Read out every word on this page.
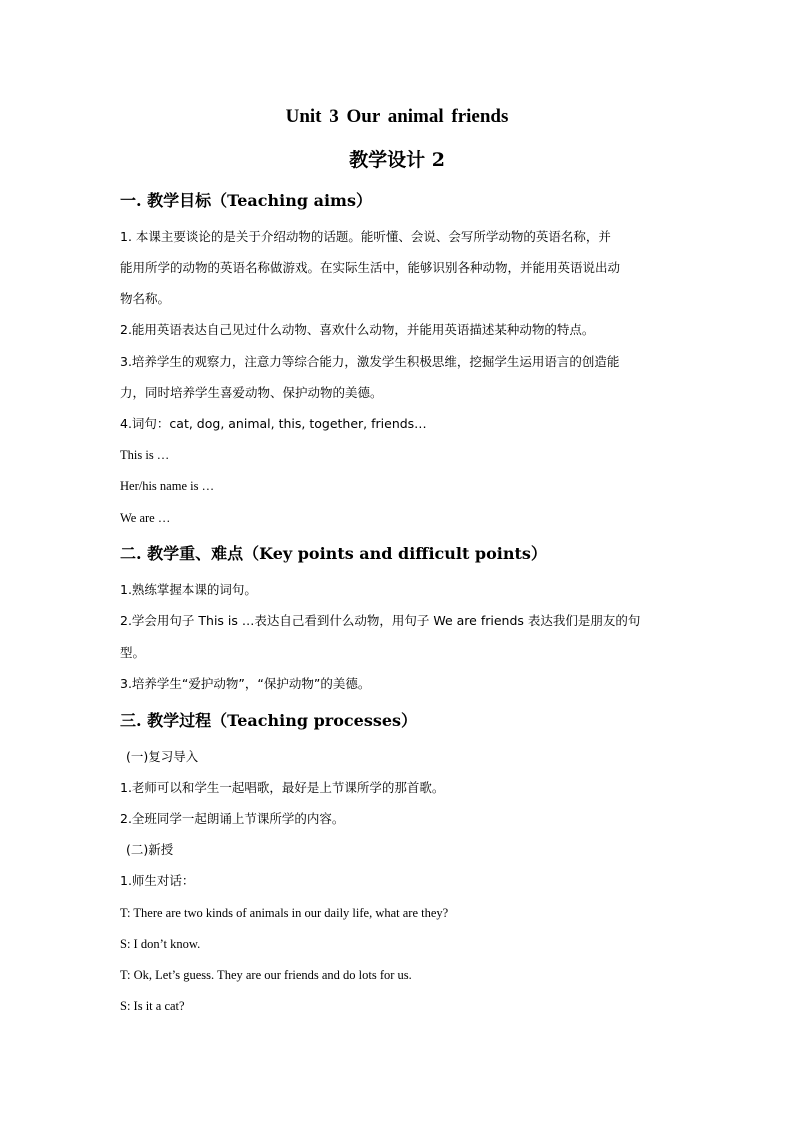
Unit 3 Our animal friends
教学设计 2
一. 教学目标（Teaching aims）
1. 本课主要谈论的是关于介绍动物的话题。能听懂、会说、会写所学动物的英语名称，并
能用所学的动物的英语名称做游戏。在实际生活中，能够识别各种动物，并能用英语说出动
物名称。
2.能用英语表达自己见过什么动物、喜欢什么动物，并能用英语描述某种动物的特点。
3.培养学生的观察力，注意力等综合能力，激发学生积极思维，挖掘学生运用语言的创造能
力，同时培养学生喜爱动物、保护动物的美德。
4.词句：cat, dog, animal, this, together, friends…
This is …
Her/his name is …
We are …
二. 教学重、难点（Key points and difficult points）
1.熟练掌握本课的词句。
2.学会用句子 This is …表达自己看到什么动物，用句子 We are friends 表达我们是朋友的句
型。
3.培养学生“爱护动物”，“保护动物”的美德。
三. 教学过程（Teaching processes）
(一)复习导入
1.老师可以和学生一起唱歌，最好是上节课所学的那首歌。
2.全班同学一起朗诵上节课所学的内容。
(二)新授
1.师生对话：
T: There are two kinds of animals in our daily life, what are they?
S: I don’t know.
T: Ok, Let’s guess. They are our friends and do lots for us.
S: Is it a cat?
